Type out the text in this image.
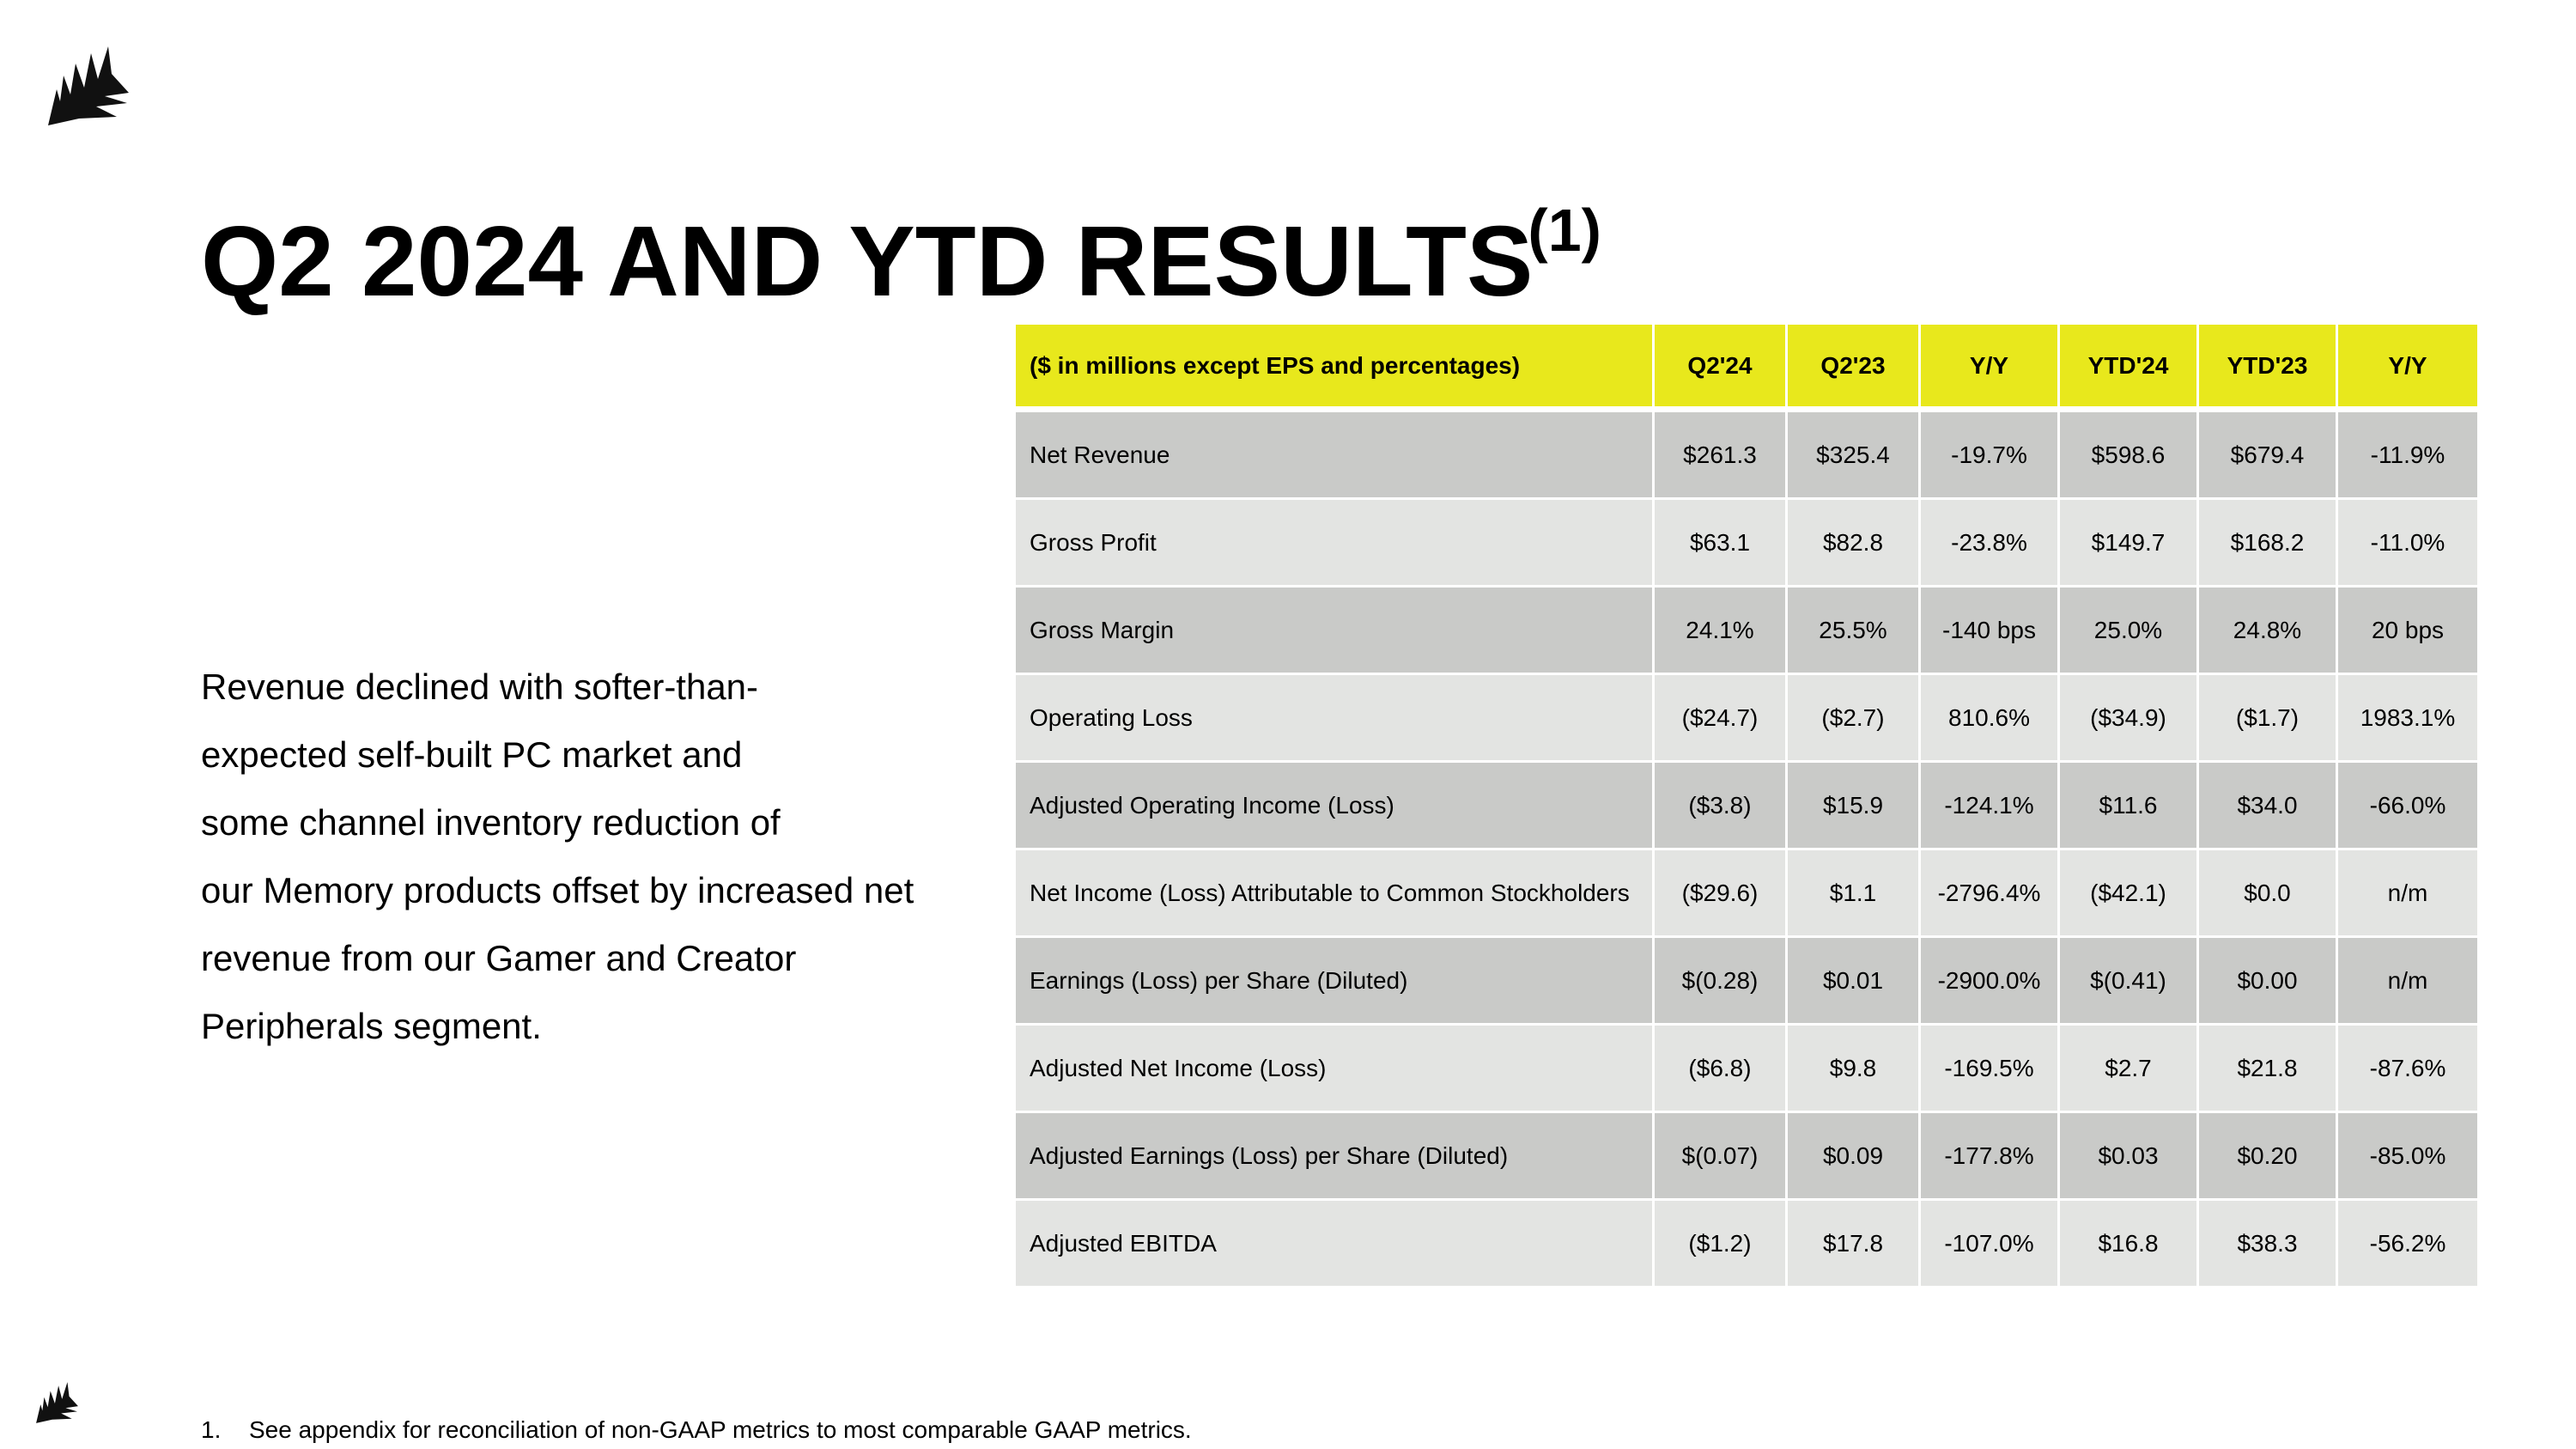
Q2 2024 AND YTD RESULTS$^{(1)}$
Revenue declined with softer-than-
expected self-built PC market and
some channel inventory reduction of
our Memory products offset by increased net
revenue from our Gamer and Creator
Peripherals segment.
($ in millions except EPS and percentages)	Q2'24	Q2'23	Y/Y	YTD'24	YTD'23	Y/Y
Net Revenue	$261.3	$325.4	-19.7%	$598.6	$679.4	-11.9%
Gross Profit	$63.1	$82.8	-23.8%	$149.7	$168.2	-11.0%
Gross Margin	24.1%	25.5%	-140 bps	25.0%	24.8%	20 bps
Operating Loss	($24.7)	($2.7)	810.6%	($34.9)	($1.7)	1983.1%
Adjusted Operating Income (Loss)	($3.8)	$15.9	-124.1%	$11.6	$34.0	-66.0%
Net Income (Loss) Attributable to Common Stockholders	($29.6)	$1.1	-2796.4%	($42.1)	$0.0	n/m
Earnings (Loss) per Share (Diluted)	$(0.28)	$0.01	-2900.0%	$(0.41)	$0.00	n/m
Adjusted Net Income (Loss)	($6.8)	$9.8	-169.5%	$2.7	$21.8	-87.6%
Adjusted Earnings (Loss) per Share (Diluted)	$(0.07)	$0.09	-177.8%	$0.03	$0.20	-85.0%
Adjusted EBITDA	($1.2)	$17.8	-107.0%	$16.8	$38.3	-56.2%
1. See appendix for reconciliation of non-GAAP metrics to most comparable GAAP metrics.
